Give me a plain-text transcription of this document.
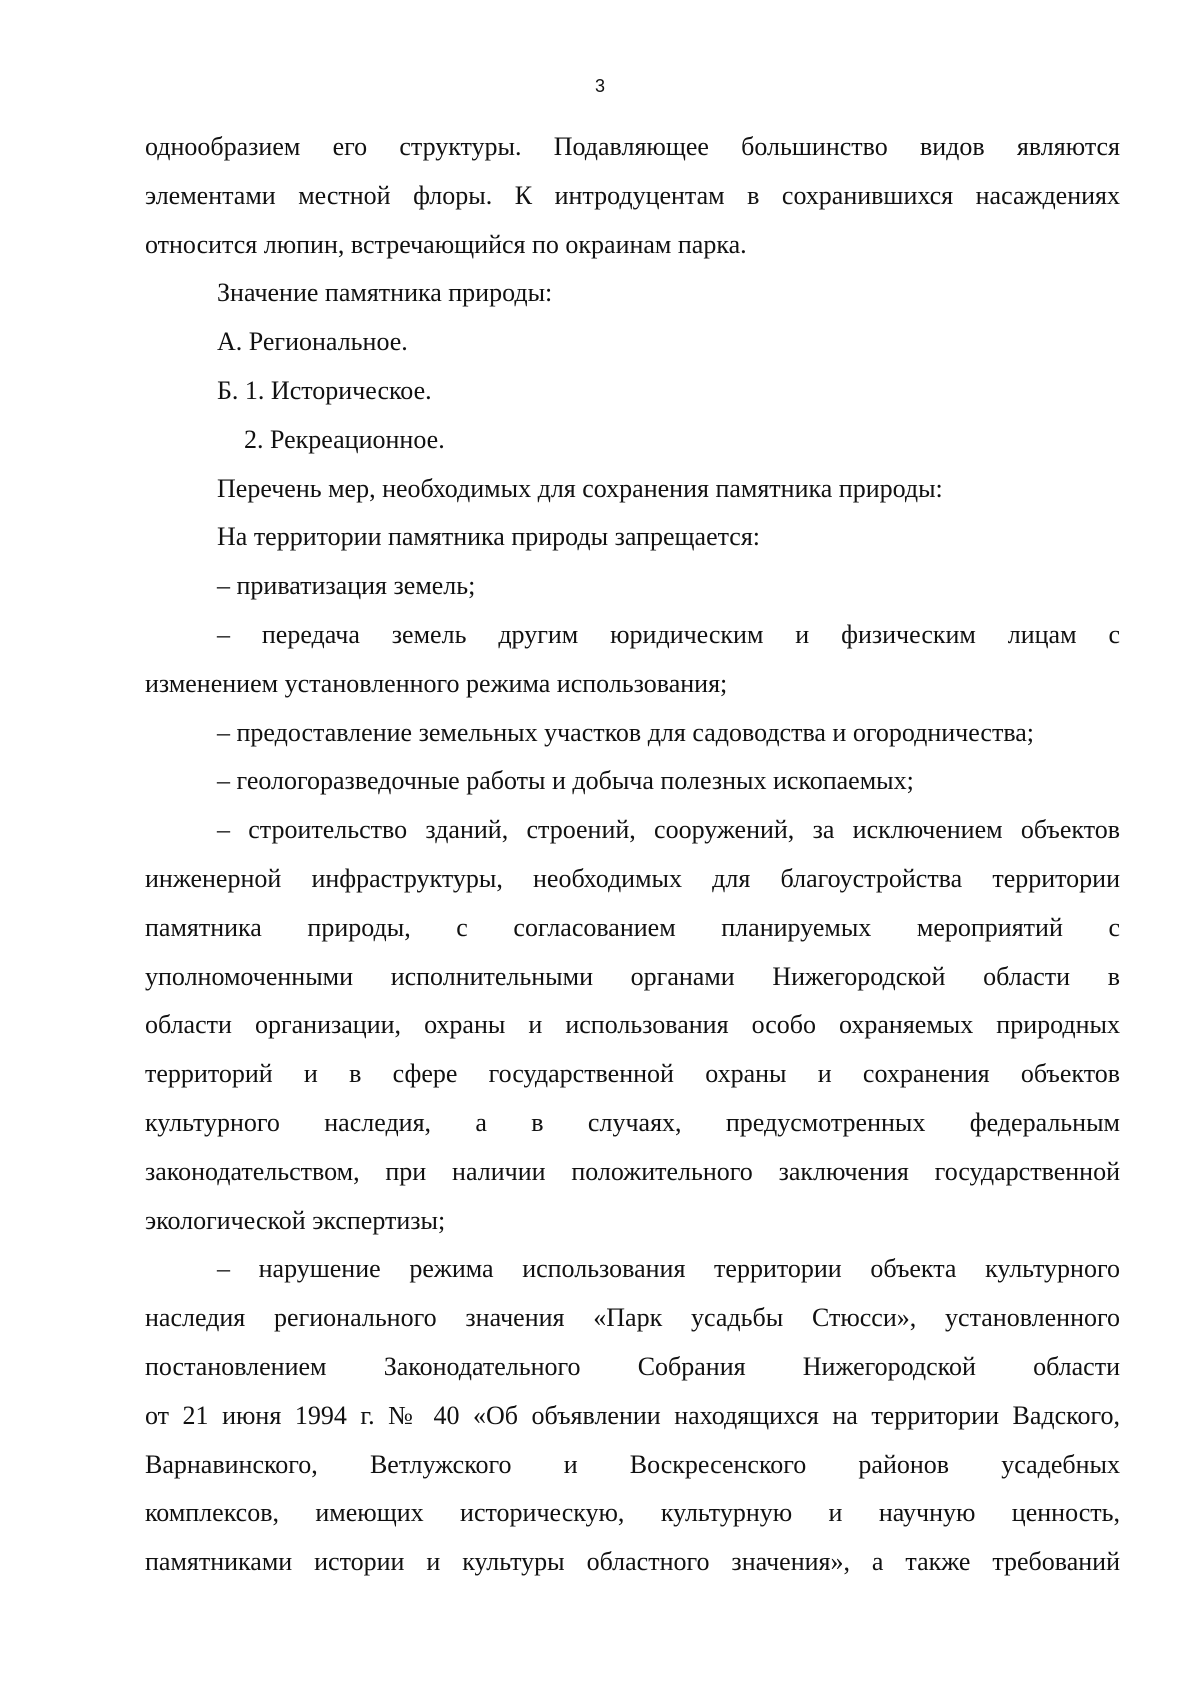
3

однообразием его структуры. Подавляющее большинство видов являются

элементами местной флоры. К интродуцентам в сохранившихся насаждениях

относится люпин, встречающийся по окраинам парка.

Значение памятника природы:

А. Региональное.

Б. 1. Историческое.

2. Рекреационное.

Перечень мер, необходимых для сохранения памятника природы:

На территории памятника природы запрещается:

– приватизация земель;

– передача земель другим юридическим и физическим лицам с

изменением установленного режима использования;

– предоставление земельных участков для садоводства и огородничества;

– геологоразведочные работы и добыча полезных ископаемых;

– строительство зданий, строений, сооружений, за исключением объектов

инженерной инфраструктуры, необходимых для благоустройства территории

памятника природы, с согласованием планируемых мероприятий с

уполномоченными исполнительными органами Нижегородской области в

области организации, охраны и использования особо охраняемых природных

территорий и в сфере государственной охраны и сохранения объектов

культурного наследия, а в случаях, предусмотренных федеральным

законодательством, при наличии положительного заключения государственной

экологической экспертизы;

– нарушение режима использования территории объекта культурного

наследия регионального значения «Парк усадьбы Стюсси», установленного

постановлением Законодательного Собрания Нижегородской области

от 21 июня 1994 г. № 40 «Об объявлении находящихся на территории Вадского,

Варнавинского, Ветлужского и Воскресенского районов усадебных

комплексов, имеющих историческую, культурную и научную ценность,

памятниками истории и культуры областного значения», а также требований
